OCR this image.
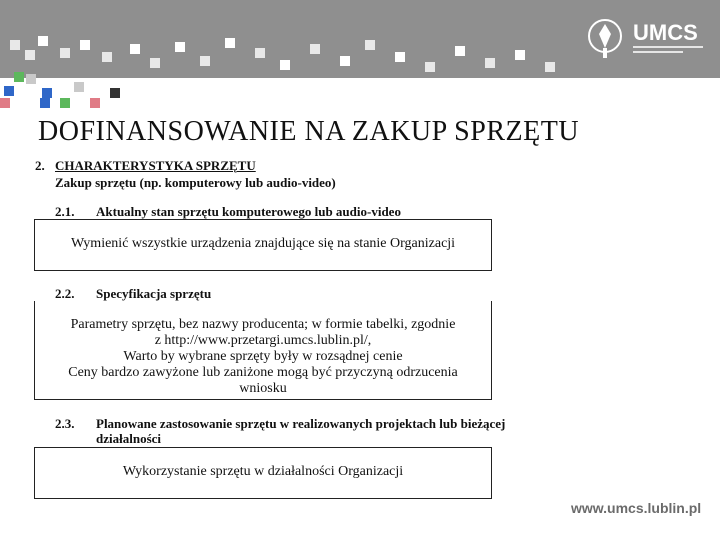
UMCS
DOFINANSOWANIE NA ZAKUP SPRZĘTU
2. CHARAKTERYSTYKA SPRZĘTU
Zakup sprzętu (np. komputerowy lub audio-video)
2.1. Aktualny stan sprzętu komputerowego lub audio-video
Wymienić wszystkie urządzenia znajdujące się na stanie Organizacji
2.2. Specyfikacja sprzętu
Parametry sprzętu, bez nazwy producenta; w formie tabelki, zgodnie
z http://www.przetargi.umcs.lublin.pl/,
Warto by wybrane sprzęty były w rozsądnej cenie
Ceny bardzo zawyżone lub zaniżone mogą być przyczyną odrzucenia
wniosku
2.3. Planowane zastosowanie sprzętu w realizowanych projektach lub bieżącej
działalności
Wykorzystanie sprzętu w działalności Organizacji
www.umcs.lublin.pl
